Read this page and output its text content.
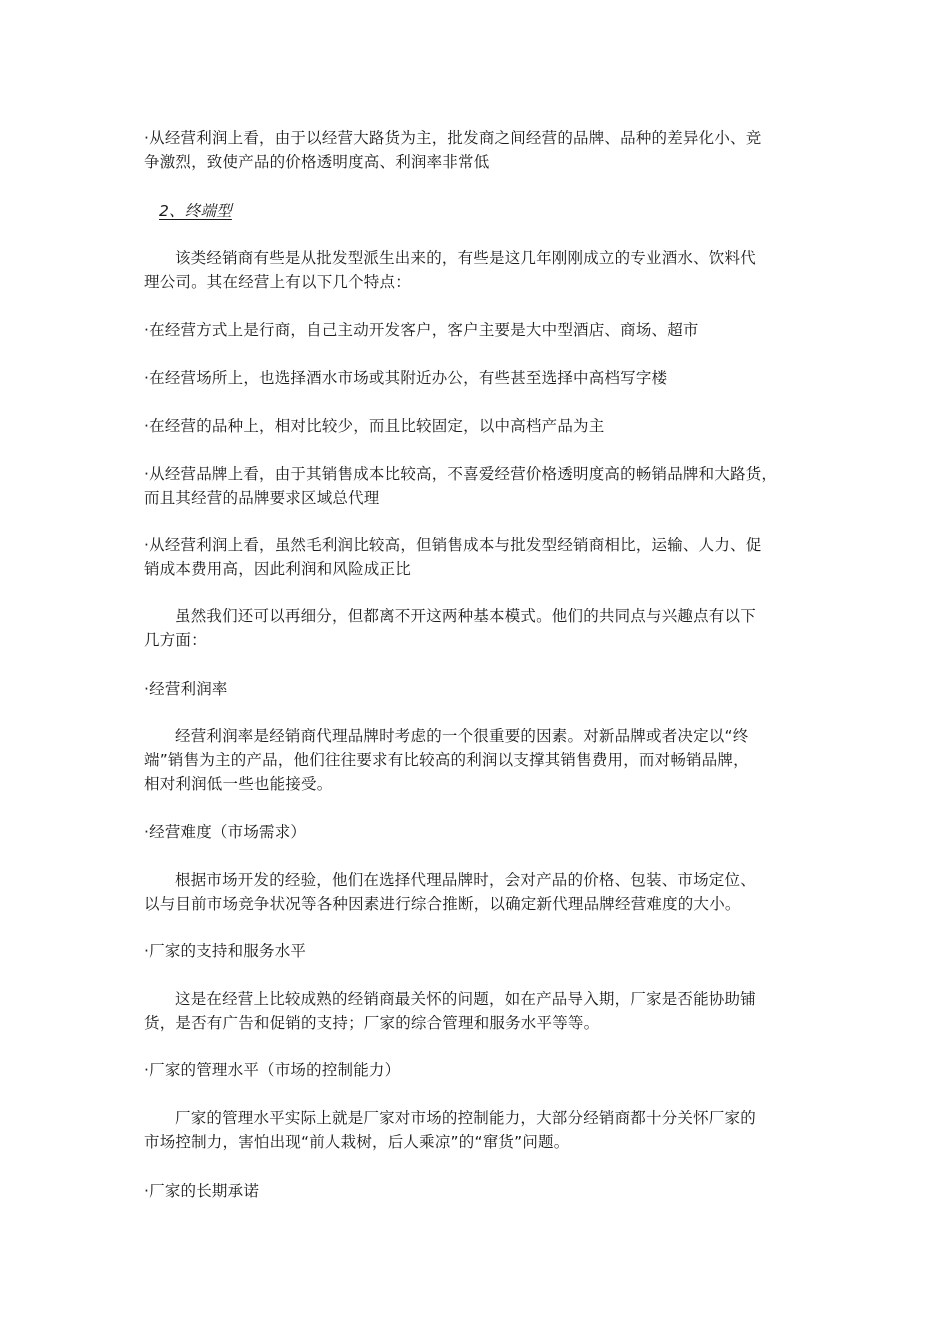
·从经营利润上看，由于以经营大路货为主，批发商之间经营的品牌、品种的差异化小、竞
争激烈，致使产品的价格透明度高、利润率非常低
2、终端型
该类经销商有些是从批发型派生出来的，有些是这几年刚刚成立的专业酒水、饮料代
理公司。其在经营上有以下几个特点：
·在经营方式上是行商，自己主动开发客户，客户主要是大中型酒店、商场、超市
·在经营场所上，也选择酒水市场或其附近办公，有些甚至选择中高档写字楼
·在经营的品种上，相对比较少，而且比较固定，以中高档产品为主
·从经营品牌上看，由于其销售成本比较高，不喜爱经营价格透明度高的畅销品牌和大路货，
而且其经营的品牌要求区域总代理
·从经营利润上看，虽然毛利润比较高，但销售成本与批发型经销商相比，运输、人力、促
销成本费用高，因此利润和风险成正比
虽然我们还可以再细分，但都离不开这两种基本模式。他们的共同点与兴趣点有以下
几方面：
·经营利润率
经营利润率是经销商代理品牌时考虑的一个很重要的因素。对新品牌或者决定以“终
端”销售为主的产品，他们往往要求有比较高的利润以支撑其销售费用，而对畅销品牌，
相对利润低一些也能接受。
·经营难度（市场需求）
根据市场开发的经验，他们在选择代理品牌时，会对产品的价格、包装、市场定位、
以与目前市场竞争状况等各种因素进行综合推断，以确定新代理品牌经营难度的大小。
·厂家的支持和服务水平
这是在经营上比较成熟的经销商最关怀的问题，如在产品导入期，厂家是否能协助铺
货，是否有广告和促销的支持；厂家的综合管理和服务水平等等。
·厂家的管理水平（市场的控制能力）
厂家的管理水平实际上就是厂家对市场的控制能力，大部分经销商都十分关怀厂家的
市场控制力，害怕出现“前人栽树，后人乘凉”的“窜货”问题。
·厂家的长期承诺
